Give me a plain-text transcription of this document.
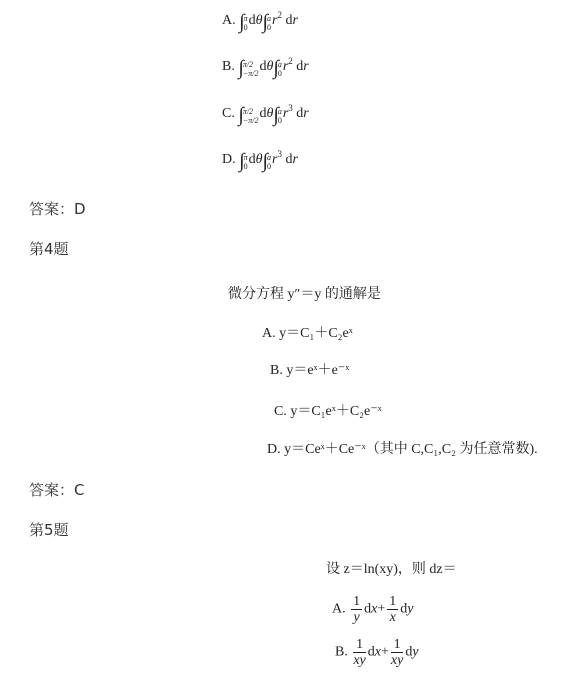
A. ∫π
0dθ∫a
$0r^2$ dr
B. ∫π/2
−π/2dθ∫a
$0r^2$ dr
C. ∫π/2
−π/2dθ∫a
$0r^3$ dr
D. ∫π
0dθ∫a
$0r^3$ dr
答案：D
第4题
微分方程 y″＝y 的通解是
A. y＝C₁＋C₂eˣ
B. y＝eˣ＋e⁻ˣ
C. y＝C₁eˣ＋C₂e⁻ˣ
D. y＝Ceˣ＋Ce⁻ˣ（其中 C,C₁,C₂ 为任意常数).
答案：C
第5题
设 z＝ln(xy)，则 dz＝
A. $\frac{1}{y} dx+ \frac{1}{x}$ dy
B. $\frac{1}{xy} dx+ \frac{1}{xy}$ dy
